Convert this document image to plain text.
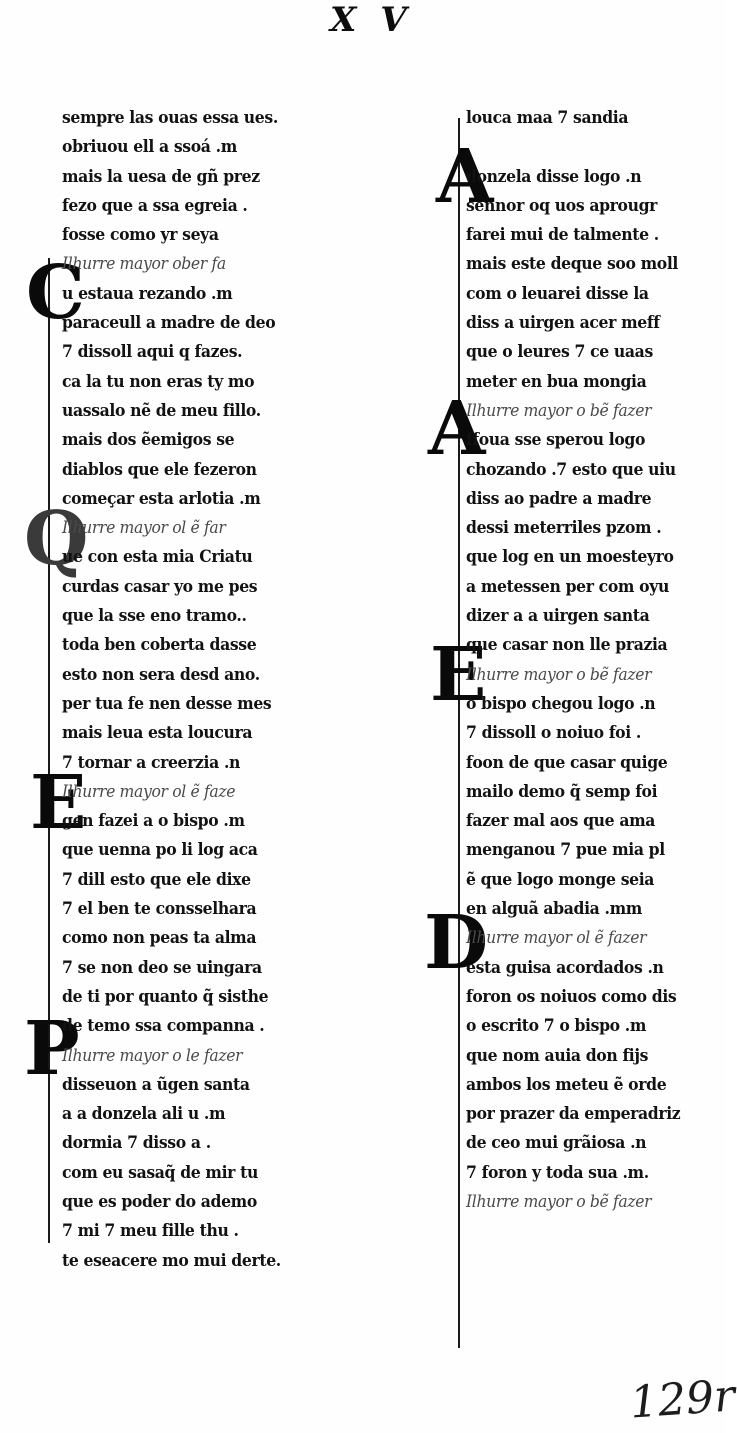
X V
C
Q
E
P
A
A
E
D
sempre las ouas essa ues.
obriuou ell a ssoá .m
mais la uesa de gñ prez
fezo que a ssa egreia .
fosse como yr seya
Ilhurre mayor ober fa
u estaua rezando .m
paraceull a madre de deo
7 dissoll aqui q fazes.
ca la tu non eras ty mo
uassalo nẽ de meu fillo.
mais dos ẽemigos se
diablos que ele fezeron
começar esta arlotia .m
Ilhurre mayor ol ẽ far
ue con esta mia Criatu
curdas casar yo me pes
que la sse eno tramo..
toda ben coberta dasse
esto non sera desd ano.
per tua fe nen desse mes
mais leua esta loucura
7 tornar a creerzia .n
Ilhurre mayor ol ẽ faze
gen fazei a o bispo .m
que uenna po li log aca
7 dill esto que ele dixe
7 el ben te consselhara
como non peas ta alma
7 se non deo se uingara
de ti por quanto q̃ sisthe
de temo ssa companna .
Ilhurre mayor o le fazer
disseuon a ũgen santa
a a donzela ali u .m
dormia 7 disso a .
com eu sasaq̃ de mir tu
que es poder do ademo
7 mi 7 meu fille thu .
te eseacere mo mui derte.
louca maa 7 sandia
donzela disse logo .n
sennor oq uos aprougr
farei mui de talmente .
mais este deque soo moll
com o leuarei disse la
diss a uirgen acer meff
que o leures 7 ce uaas
meter en bua mongia
Ilhurre mayor o bẽ fazer
ffoua sse sperou logo
chozando .7 esto que uiu
diss ao padre a madre
dessi meterriles pzom .
que log en un moesteyro
a metessen per com oyu
dizer a a uirgen santa
que casar non lle prazia
Ilhurre mayor o bẽ fazer
o bispo chegou logo .n
7 dissoll o noiuo foi .
foon de que casar quige
mailo demo q̃ semp foi
fazer mal aos que ama
menganou 7 pue mia pl
ẽ que logo monge seia
en alguã abadia .mm
Ilhurre mayor ol ẽ fazer
esta guisa acordados .n
foron os noiuos como dis
o escrito 7 o bispo .m
que nom auia don fijs
ambos los meteu ẽ orde
por prazer da emperadriz
de ceo mui grãiosa .n
7 foron y toda sua .m.
Ilhurre mayor o bẽ fazer
129r
